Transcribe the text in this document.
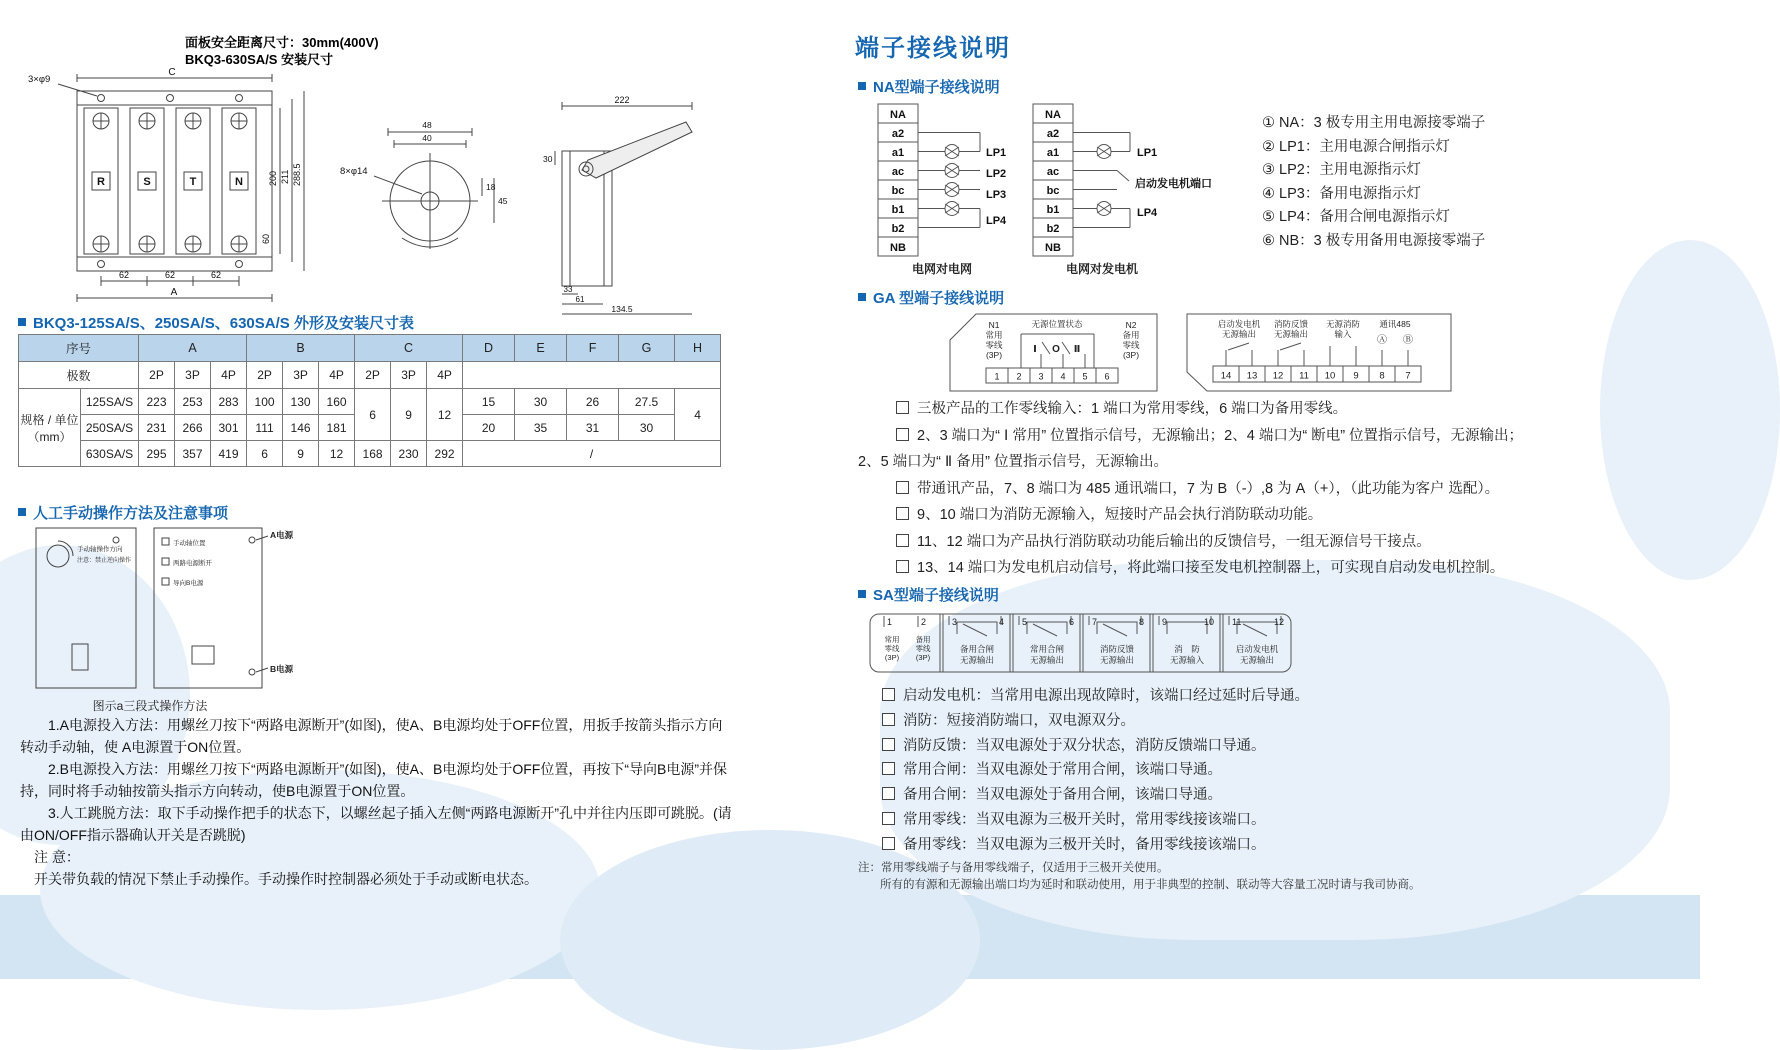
面板安全距离尺寸：30mm(400V)
BKQ3-630SA/S 安装尺寸
3×φ9
C
R	S	T	N	200 211 288.5
60
62	62	62
A
48
40
8×φ14
18
45
222
30
33
61
134.5
BKQ3-125SA/S、250SA/S、630SA/S 外形及安装尺寸表
序号		A			B			C			D	E	F	G	H
极数		2P	3P	4P	2P	3P	4P	2P	3P	4P					
规格 / 单位
（mm）	125SA/S	223	253	283	100	130	160	6	9	12	15	30	26	27.5	4
	250SA/S	231	266	301	111	146	181				20	35	31	30	
	630SA/S	295	357	419	6	9	12	168	230	292	/				
人工手动操作方法及注意事项
手动轴操作方向
注意：禁止逆向操作
手动轴位置
两路电源断开
导向B电源
A电源
B电源
图示a三段式操作方法

1.A电源投入方法：用螺丝刀按下“两路电源断开”(如图)，使A、B电源均处于OFF位置，用扳手按箭头指示方向转动手动轴，使 A电源置于ON位置。

2.B电源投入方法：用螺丝刀按下“两路电源断开”(如图)，使A、B电源均处于OFF位置，再按下“导向B电源”并保持，同时将手动轴按箭头指示方向转动，使B电源置于ON位置。

3.人工跳脱方法：取下手动操作把手的状态下，以螺丝起子插入左侧“两路电源断开”孔中并往内压即可跳脱。(请由ON/OFF指示器确认开关是否跳脱)

注 意：

开关带负载的情况下禁止手动操作。手动操作时控制器必须处于手动或断电状态。

端子接线说明
NA型端子接线说明
NA
a2
a1
ac
bc
b1
b2
NB
LP1
LP2
LP3
LP4
电网对电网
NA
a2
a1
ac
bc
b1
b2
NB
LP1
LP4
启动发电机端口
电网对发电机
① NA：3 极专用主用电源接零端子
② LP1：主用电源合闸指示灯
③ LP2：主用电源指示灯
④ LP3：备用电源指示灯
⑤ LP4：备用合闸电源指示灯
⑥ NB：3 极专用备用电源接零端子
GA 型端子接线说明
N1
常用
零线
(3P)
无源位置状态
Ⅰ O Ⅱ
N2
备用
零线
(3P)
1 2 3 4 5 6
启动发电机
无源输出
消防反馈
无源输出
无源消防
输入
通讯485
Ⓐ Ⓑ
14 13 12 11 10 9 8 7
三极产品的工作零线输入：1 端口为常用零线，6 端口为备用零线。
2、3 端口为“ Ⅰ 常用” 位置指示信号，无源输出；2、4 端口为“ 断电” 位置指示信号，无源输出；
2、5 端口为“ Ⅱ 备用” 位置指示信号，无源输出。
带通讯产品，7、8 端口为 485 通讯端口，7 为 B（-）,8 为 A（+），（此功能为客户 选配）。
9、10 端口为消防无源输入，短接时产品会执行消防联动功能。
11、12 端口为产品执行消防联动功能后输出的反馈信号，一组无源信号干接点。
13、14 端口为发电机启动信号，将此端口接至发电机控制器上，可实现自启动发电机控制。
SA型端子接线说明
1	2
常用
零线
(3P)
备用
零线
(3P)
3	4
备用合闸
无源输出
5	6
常用合闸
无源输出
7	8
消防反馈
无源输出
9	10
消　防
无源输入
11	12
启动发电机
无源输出
启动发电机：当常用电源出现故障时，该端口经过延时后导通。
消防：短接消防端口，双电源双分。
消防反馈：当双电源处于双分状态，消防反馈端口导通。
常用合闸：当双电源处于常用合闸，该端口导通。
备用合闸：当双电源处于备用合闸，该端口导通。
常用零线：当双电源为三极开关时，常用零线接该端口。
备用零线：当双电源为三极开关时，备用零线接该端口。
注：常用零线端子与备用零线端子，仅适用于三极开关使用。
所有的有源和无源输出端口均为延时和联动使用，用于非典型的控制、联动等大容量工况时请与我司协商。
